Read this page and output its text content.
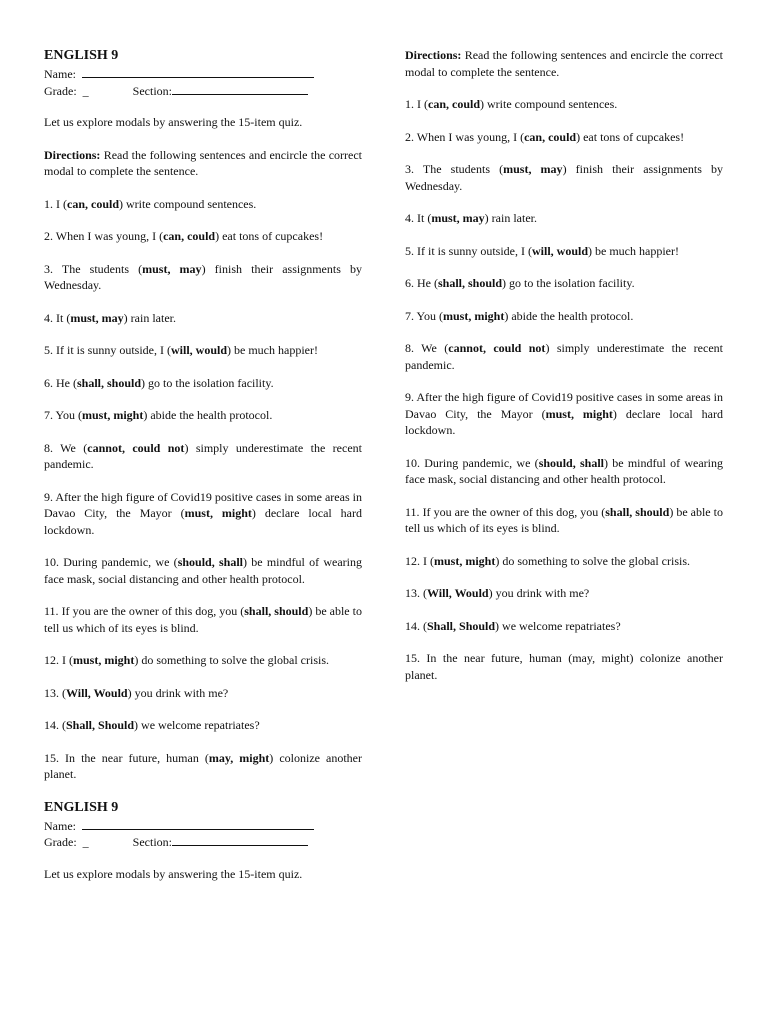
ENGLISH 9
Name:
Grade: _	Section:

Let us explore modals by answering the 15-item quiz.

Directions: Read the following sentences and encircle the correct modal to complete the sentence.

1. I (can, could) write compound sentences.

2. When I was young, I (can, could) eat tons of cupcakes!

3. The students (must, may) finish their assignments by Wednesday.

4. It (must, may) rain later.

5. If it is sunny outside, I (will, would) be much happier!

6. He (shall, should) go to the isolation facility.

7. You (must, might) abide the health protocol.

8. We (cannot, could not) simply underestimate the recent pandemic.

9. After the high figure of Covid19 positive cases in some areas in Davao City, the Mayor (must, might) declare local hard lockdown.

10. During pandemic, we (should, shall) be mindful of wearing face mask, social distancing and other health protocol.

11. If you are the owner of this dog, you (shall, should) be able to tell us which of its eyes is blind.

12. I (must, might) do something to solve the global crisis.

13. (Will, Would) you drink with me?

14. (Shall, Should) we welcome repatriates?

15. In the near future, human (may, might) colonize another planet.

ENGLISH 9
Name:
Grade: _	Section:

Let us explore modals by answering the 15-item quiz.

Directions: Read the following sentences and encircle the correct modal to complete the sentence.

1. I (can, could) write compound sentences.

2. When I was young, I (can, could) eat tons of cupcakes!

3. The students (must, may) finish their assignments by Wednesday.

4. It (must, may) rain later.

5. If it is sunny outside, I (will, would) be much happier!

6. He (shall, should) go to the isolation facility.

7. You (must, might) abide the health protocol.

8. We (cannot, could not) simply underestimate the recent pandemic.

9. After the high figure of Covid19 positive cases in some areas in Davao City, the Mayor (must, might) declare local hard lockdown.

10. During pandemic, we (should, shall) be mindful of wearing face mask, social distancing and other health protocol.

11. If you are the owner of this dog, you (shall, should) be able to tell us which of its eyes is blind.

12. I (must, might) do something to solve the global crisis.

13. (Will, Would) you drink with me?

14. (Shall, Should) we welcome repatriates?

15. In the near future, human (may, might) colonize another planet.
